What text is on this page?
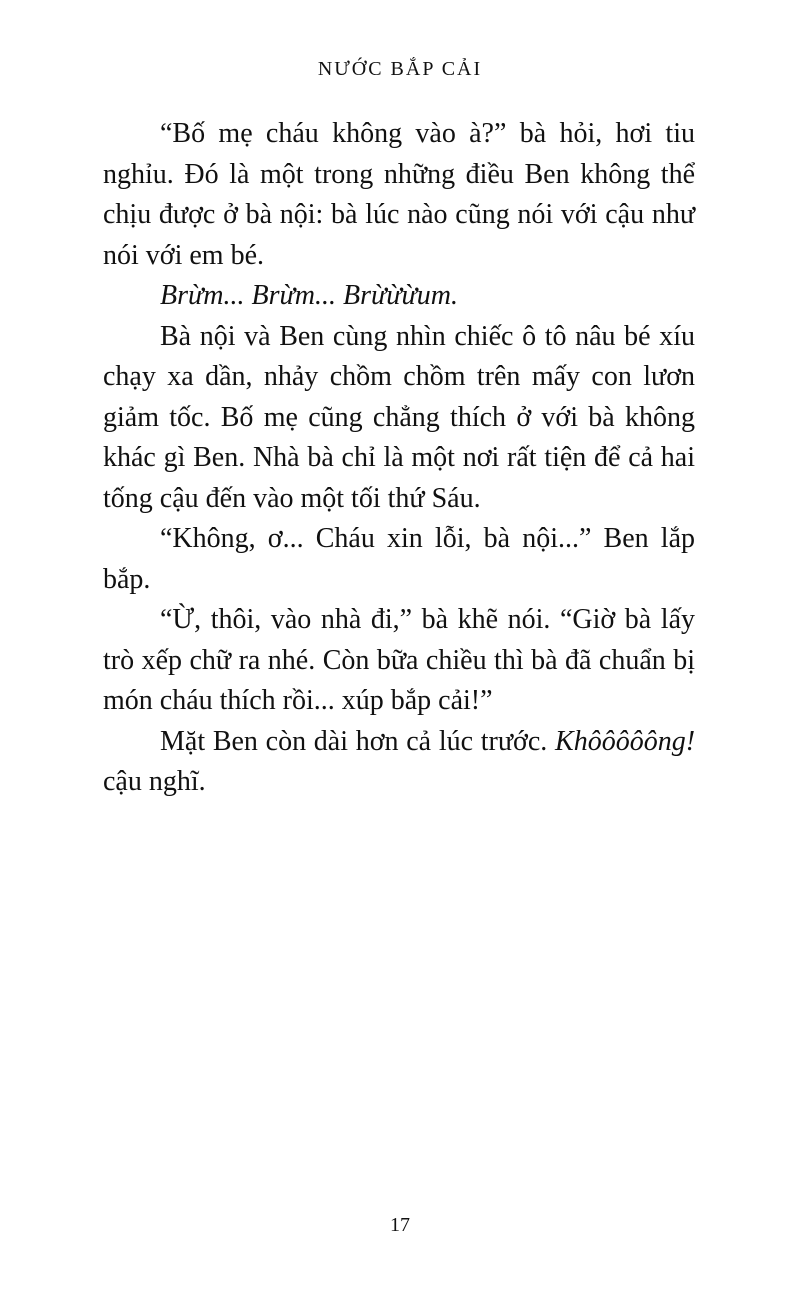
NƯỚC BẮP CẢI

“Bố mẹ cháu không vào à?” bà hỏi, hơi tiu nghỉu. Đó là một trong những điều Ben không thể chịu được ở bà nội: bà lúc nào cũng nói với cậu như nói với em bé.

Brừm... Brừm... Brừừừum.

Bà nội và Ben cùng nhìn chiếc ô tô nâu bé xíu chạy xa dần, nhảy chồm chồm trên mấy con lươn giảm tốc. Bố mẹ cũng chẳng thích ở với bà không khác gì Ben. Nhà bà chỉ là một nơi rất tiện để cả hai tống cậu đến vào một tối thứ Sáu.

“Không, ơ... Cháu xin lỗi, bà nội...” Ben lắp bắp.

“Ừ, thôi, vào nhà đi,” bà khẽ nói. “Giờ bà lấy trò xếp chữ ra nhé. Còn bữa chiều thì bà đã chuẩn bị món cháu thích rồi... xúp bắp cải!”

Mặt Ben còn dài hơn cả lúc trước. Khôôôôông! cậu nghĩ.

17
